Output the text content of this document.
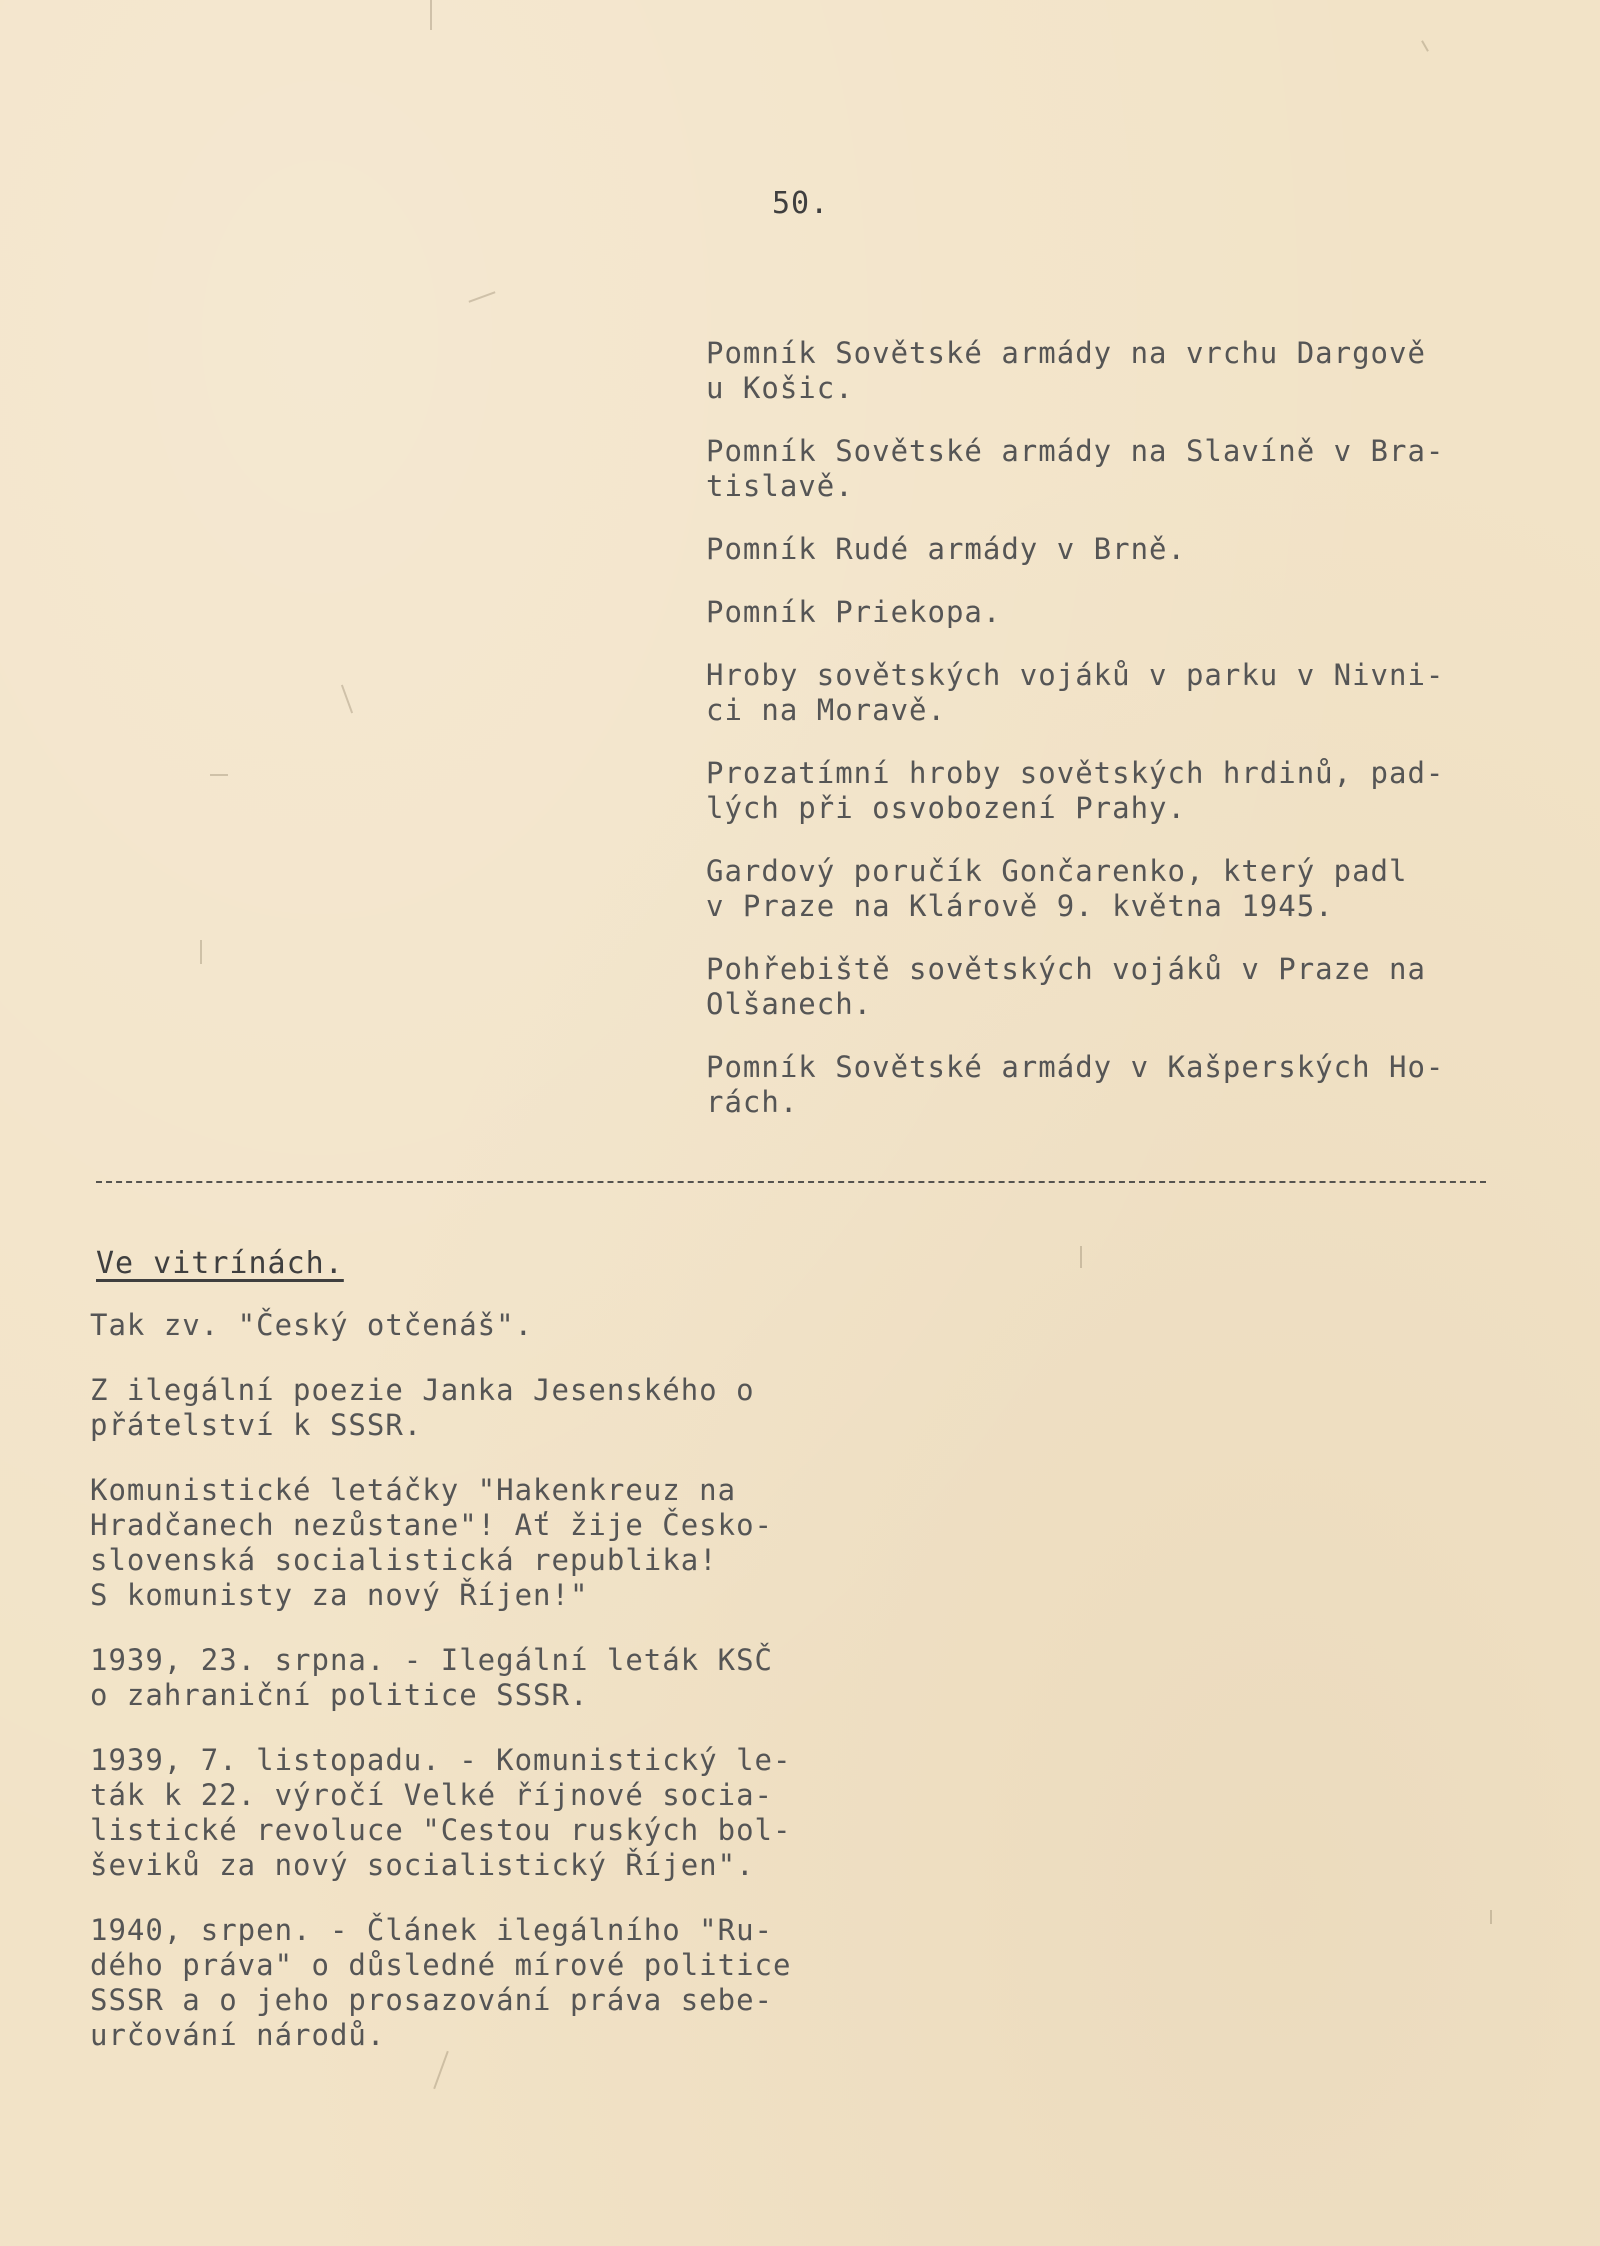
50.
Pomník Sovětské armády na vrchu Dargově
u Košic.
Pomník Sovětské armády na Slavíně v Bra-
tislavě.
Pomník Rudé armády v Brně.
Pomník Priekopa.
Hroby sovětských vojáků v parku v Nivni-
ci na Moravě.
Prozatímní hroby sovětských hrdinů, pad-
lých při osvobození Prahy.
Gardový poručík Gončarenko, který padl
v Praze na Klárově 9. května 1945.
Pohřebiště sovětských vojáků v Praze na
Olšanech.
Pomník Sovětské armády v Kašperských Ho-
rách.
Ve vitrínách.
Tak zv. "Český otčenáš".
Z ilegální poezie Janka Jesenského o
přátelství k SSSR.
Komunistické letáčky "Hakenkreuz na
Hradčanech nezůstane"! Ať žije Česko-
slovenská socialistická republika!
S komunisty za nový Říjen!"
1939, 23. srpna. - Ilegální leták KSČ
o zahraniční politice SSSR.
1939, 7. listopadu. - Komunistický le-
ták k 22. výročí Velké říjnové socia-
listické revoluce "Cestou ruských bol-
ševiků za nový socialistický Říjen".
1940, srpen. - Článek ilegálního "Ru-
dého práva" o důsledné mírové politice
SSSR a o jeho prosazování práva sebe-
určování národů.
